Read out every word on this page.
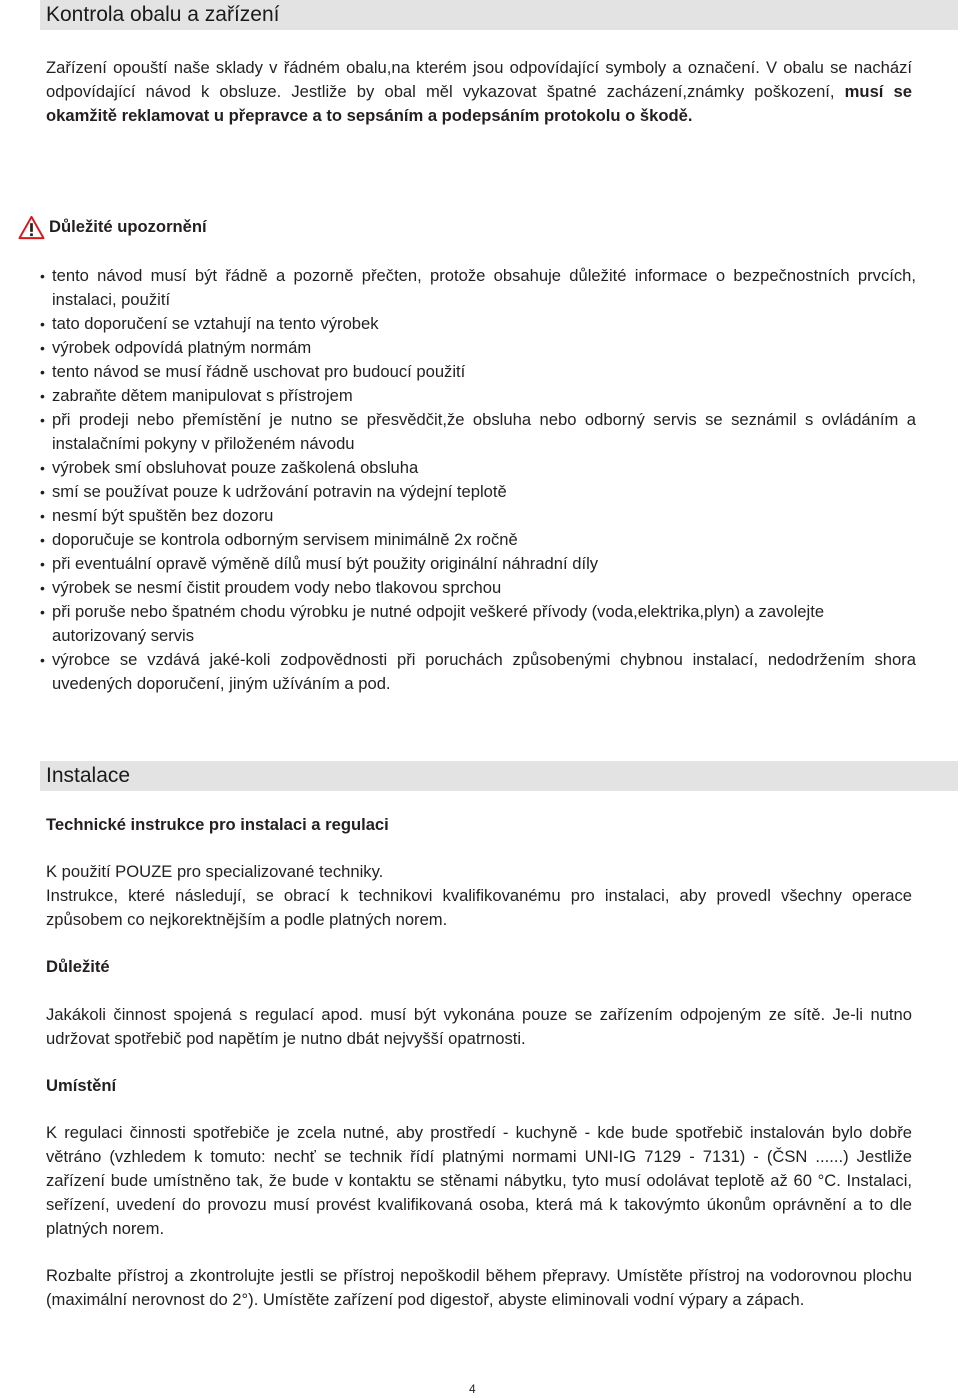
Kontrola obalu a zařízení

Zařízení opouští naše sklady v řádném obalu,na kterém jsou odpovídající symboly a označení. V obalu se nachází odpovídající návod k obsluze. Jestliže by obal měl vykazovat špatné zacházení,známky poškození, musí se okamžitě reklamovat u přepravce a to sepsáním a podepsáním protokolu o škodě.

Důležité upozornění
• tento návod musí být řádně a pozorně přečten, protože obsahuje důležité informace o bezpečnostních prvcích, instalaci, použití
• tato doporučení se vztahují na tento výrobek
• výrobek odpovídá platným normám
• tento návod se musí řádně uschovat pro budoucí použití
• zabraňte dětem manipulovat s přístrojem
• při prodeji nebo přemístění je nutno se přesvědčit,že obsluha nebo odborný servis se seznámil s ovládáním a instalačními pokyny v přiloženém návodu
• výrobek smí obsluhovat pouze zaškolená obsluha
• smí se používat pouze k udržování potravin na výdejní teplotě
• nesmí být spuštěn bez dozoru
• doporučuje se kontrola odborným servisem minimálně 2x ročně
• při eventuální opravě výměně dílů musí být použity originální náhradní díly
• výrobek se nesmí čistit proudem vody nebo tlakovou sprchou
• při poruše nebo špatném chodu výrobku je nutné odpojit veškeré přívody (voda,elektrika,plyn) a zavolejte autorizovaný servis
• výrobce se vzdává jaké-koli zodpovědnosti při poruchách způsobenými chybnou instalací, nedodržením shora uvedených doporučení, jiným užíváním a pod.
Instalace

Technické instrukce pro instalaci a regulaci

K použití POUZE pro specializované techniky.

Instrukce, které následují, se obrací k technikovi kvalifikovanému pro instalaci, aby provedl všechny operace způsobem co nejkorektnějším a podle platných norem.

Důležité

Jakákoli činnost spojená s regulací apod. musí být vykonána pouze se zařízením odpojeným ze sítě. Je-li nutno udržovat spotřebič pod napětím je nutno dbát nejvyšší opatrnosti.

Umístění

K regulaci činnosti spotřebiče je zcela nutné, aby prostředí - kuchyně - kde bude spotřebič instalován bylo dobře větráno (vzhledem k tomuto: nechť se technik řídí platnými normami UNI-IG 7129 - 7131) - (ČSN ......) Jestliže zařízení bude umístněno tak, že bude v kontaktu se stěnami nábytku, tyto musí odolávat teplotě až 60 °C. Instalaci, seřízení, uvedení do provozu musí provést kvalifikovaná osoba, která má k takovýmto úkonům oprávnění a to dle platných norem.

Rozbalte přístroj a zkontrolujte jestli se přístroj nepoškodil během přepravy. Umístěte přístroj na vodorovnou plochu (maximální nerovnost do 2°). Umístěte zařízení pod digestoř, abyste eliminovali vodní výpary a zápach.

4
